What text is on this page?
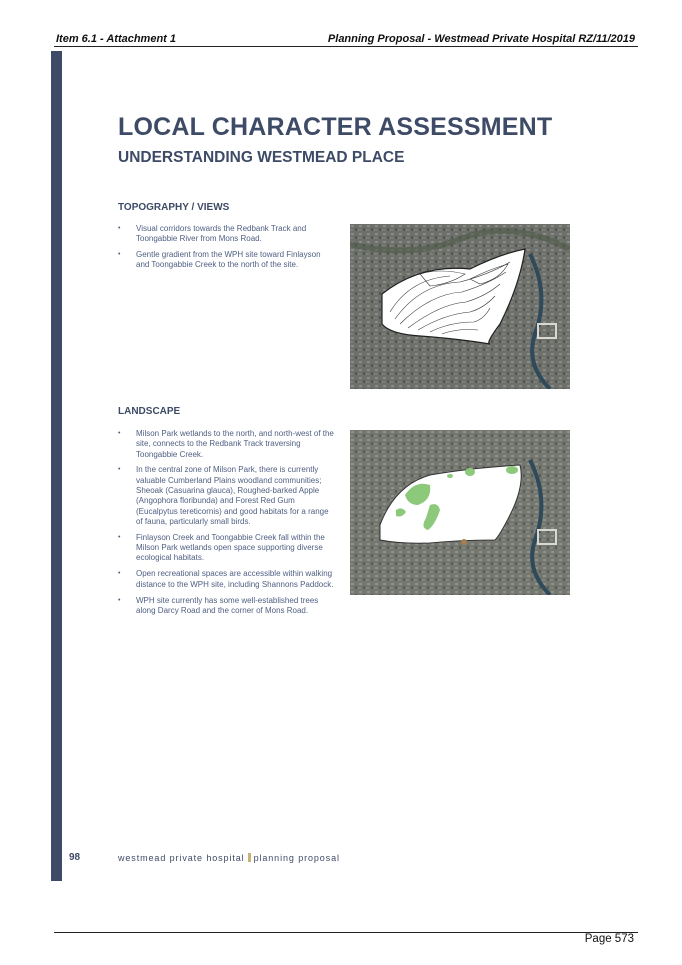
Item 6.1 - Attachment 1	Planning Proposal - Westmead Private Hospital RZ/11/2019
LOCAL CHARACTER ASSESSMENT
UNDERSTANDING WESTMEAD PLACE
TOPOGRAPHY / VIEWS
• Visual corridors towards the Redbank Track and Toongabbie River from Mons Road.
• Gentle gradient from the WPH site toward Finlayson and Toongabbie Creek to the north of the site.
LANDSCAPE
• Milson Park wetlands to the north, and north-west of the site, connects to the Redbank Track traversing Toongabbie Creek.
• In the central zone of Milson Park, there is currently valuable Cumberland Plains woodland communities; Sheoak (Casuarina glauca), Roughed-barked Apple (Angophora floribunda) and Forest Red Gum (Eucalpytus tereticornis) and good habitats for a range of fauna, particularly small birds.
• Finlayson Creek and Toongabbie Creek fall within the Milson Park wetlands open space supporting diverse ecological habitats.
• Open recreational spaces are accessible within walking distance to the WPH site, including Shannons Paddock.
• WPH site currently has some well-established trees along Darcy Road and the corner of Mons Road.
98	westmead private hospital planning proposal
Page 573
